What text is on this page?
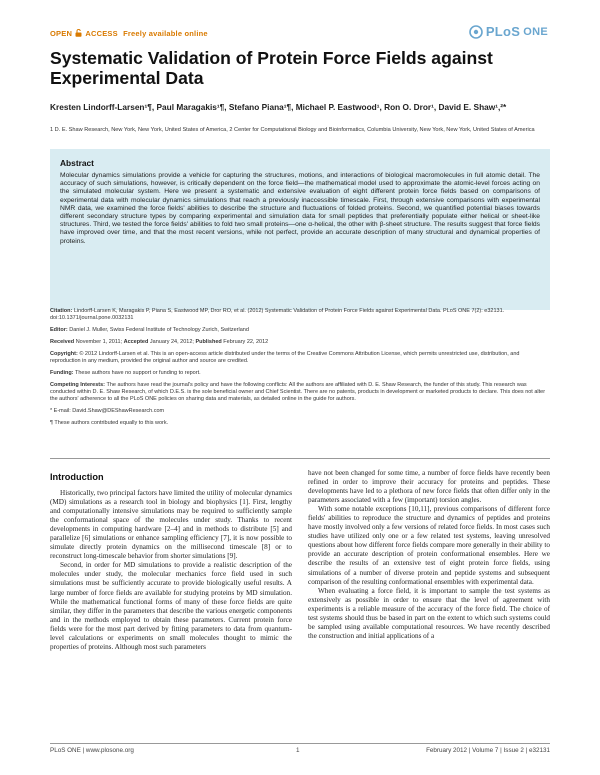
OPEN ACCESS Freely available online	PLoS ONE
Systematic Validation of Protein Force Fields against Experimental Data
Kresten Lindorff-Larsen¹¶, Paul Maragakis¹¶, Stefano Piana¹¶, Michael P. Eastwood¹, Ron O. Dror¹, David E. Shaw¹,²*
1 D. E. Shaw Research, New York, New York, United States of America, 2 Center for Computational Biology and Bioinformatics, Columbia University, New York, New York, United States of America
Abstract

Molecular dynamics simulations provide a vehicle for capturing the structures, motions, and interactions of biological macromolecules in full atomic detail. The accuracy of such simulations, however, is critically dependent on the force field—the mathematical model used to approximate the atomic-level forces acting on the simulated molecular system. Here we present a systematic and extensive evaluation of eight different protein force fields based on comparisons of experimental data with molecular dynamics simulations that reach a previously inaccessible timescale. First, through extensive comparisons with experimental NMR data, we examined the force fields' abilities to describe the structure and fluctuations of folded proteins. Second, we quantified potential biases towards different secondary structure types by comparing experimental and simulation data for small peptides that preferentially populate either helical or sheet-like structures. Third, we tested the force fields' abilities to fold two small proteins—one α-helical, the other with β-sheet structure. The results suggest that force fields have improved over time, and that the most recent versions, while not perfect, provide an accurate description of many structural and dynamical properties of proteins.

Citation: Lindorff-Larsen K, Maragakis P, Piana S, Eastwood MP, Dror RO, et al. (2012) Systematic Validation of Protein Force Fields against Experimental Data. PLoS ONE 7(2): e32131. doi:10.1371/journal.pone.0032131

Editor: Daniel J. Muller, Swiss Federal Institute of Technology Zurich, Switzerland

Received November 1, 2011; Accepted January 24, 2012; Published February 22, 2012

Copyright: © 2012 Lindorff-Larsen et al. This is an open-access article distributed under the terms of the Creative Commons Attribution License, which permits unrestricted use, distribution, and reproduction in any medium, provided the original author and source are credited.

Funding: These authors have no support or funding to report.

Competing Interests: The authors have read the journal's policy and have the following conflicts: All the authors are affiliated with D. E. Shaw Research, the funder of this study. This research was conducted within D. E. Shaw Research, of which D.E.S. is the sole beneficial owner and Chief Scientist. There are no patents, products in development or marketed products to declare. This does not alter the authors' adherence to all the PLoS ONE policies on sharing data and materials, as detailed online in the guide for authors.

* E-mail: David.Shaw@DEShawResearch.com

¶ These authors contributed equally to this work.

Introduction

Historically, two principal factors have limited the utility of molecular dynamics (MD) simulations as a research tool in biology and biophysics [1]. First, lengthy and computationally intensive simulations may be required to sufficiently sample the conformational space of the molecules under study. Thanks to recent developments in computing hardware [2–4] and in methods to distribute [5] and parallelize [6] simulations or enhance sampling efficiency [7], it is now possible to simulate directly protein dynamics on the millisecond timescale [8] or to reconstruct long-timescale behavior from shorter simulations [9].

Second, in order for MD simulations to provide a realistic description of the molecules under study, the molecular mechanics force field used in such simulations must be sufficiently accurate to provide biologically useful results. A large number of force fields are available for studying proteins by MD simulation. While the mathematical functional forms of many of these force fields are quite similar, they differ in the parameters that describe the various energetic components and in the methods employed to obtain these parameters. Current protein force fields were for the most part derived by fitting parameters to data from quantum-level calculations or experiments on small molecules thought to mimic the properties of proteins. Although most such parameters

have not been changed for some time, a number of force fields have recently been refined in order to improve their accuracy for proteins and peptides. These developments have led to a plethora of new force fields that often differ only in the parameters associated with a few (important) torsion angles.

With some notable exceptions [10,11], previous comparisons of different force fields' abilities to reproduce the structure and dynamics of peptides and proteins have mostly involved only a few versions of related force fields. In most cases such studies have utilized only one or a few related test systems, leaving unresolved questions about how different force fields compare more generally in their ability to provide an accurate description of protein conformational ensembles. Here we describe the results of an extensive test of eight protein force fields, using simulations of a number of diverse protein and peptide systems and subsequent comparison of the resulting conformational ensembles with experimental data.

When evaluating a force field, it is important to sample the test systems as extensively as possible in order to ensure that the level of agreement with experiments is a reliable measure of the accuracy of the force field. The choice of test systems should thus be based in part on the extent to which such systems could be sampled using available computational resources. We have recently described the construction and initial applications of a

PLoS ONE | www.plosone.org	1	February 2012 | Volume 7 | Issue 2 | e32131
